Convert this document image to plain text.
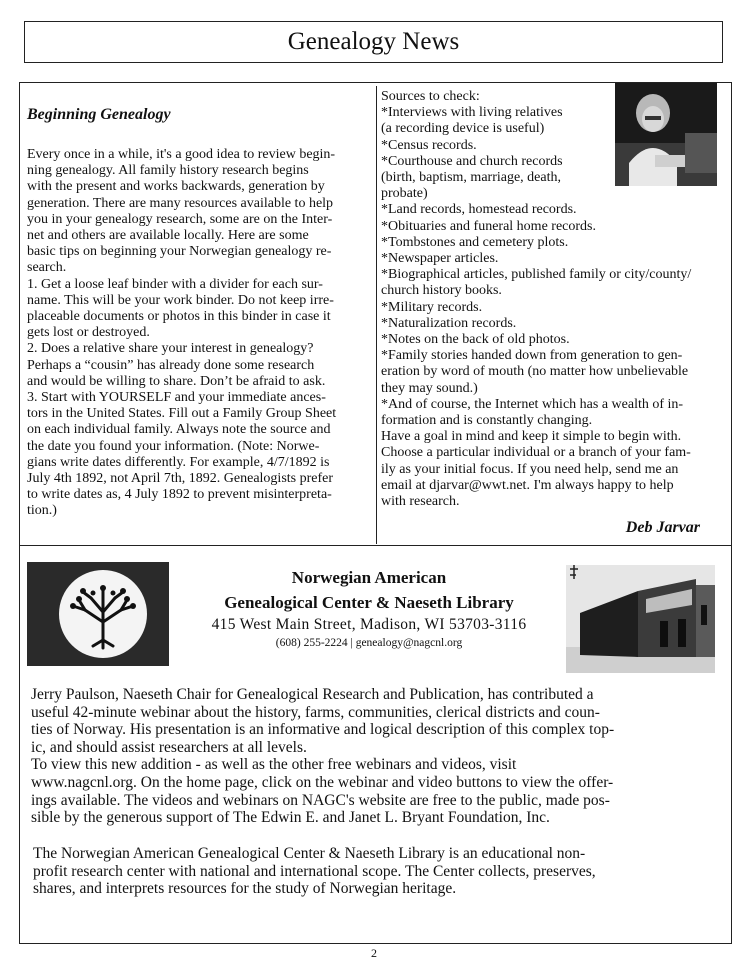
Genealogy News
Beginning Genealogy

Every once in a while, it's a good idea to review begin-

ning genealogy. All family history research begins

with the present and works backwards, generation by

generation. There are many resources available to help

you in your genealogy research, some are on the Inter-

net and others are available locally. Here are some

basic tips on beginning your Norwegian genealogy re-

search.

1. Get a loose leaf binder with a divider for each sur-

name. This will be your work binder. Do not keep irre-

placeable documents or photos in this binder in case it

gets lost or destroyed.

2. Does a relative share your interest in genealogy?

Perhaps a “cousin” has already done some research

and would be willing to share. Don’t be afraid to ask.

3. Start with YOURSELF and your immediate ances-

tors in the United States. Fill out a Family Group Sheet

on each individual family. Always note the source and

the date you found your information. (Note: Norwe-

gians write dates differently. For example, 4/7/1892 is

July 4th 1892, not April 7th, 1892. Genealogists prefer

to write dates as, 4 July 1892 to prevent misinterpreta-

tion.)

Sources to check:

*Interviews with living relatives

(a recording device is useful)

*Census records.

*Courthouse and church records

(birth, baptism, marriage, death,

probate)

*Land records, homestead records.

*Obituaries and funeral home records.

*Tombstones and cemetery plots.

*Newspaper articles.

*Biographical articles, published family or city/county/

church history books.

*Military records.

*Naturalization records.

*Notes on the back of old photos.

*Family stories handed down from generation to gen-

eration by word of mouth (no matter how unbelievable

they may sound.)

*And of course, the Internet which has a wealth of in-

formation and is constantly changing.

Have a goal in mind and keep it simple to begin with.

Choose a particular individual or a branch of your fam-

ily as your initial focus. If you need help, send me an

email at djarvar@wwt.net. I'm always happy to help

with research.

Deb Jarvar
Norwegian American
Genealogical Center & Naeseth Library
415 West Main Street, Madison, WI 53703-3116
(608) 255-2224 | genealogy@nagcnl.org

Jerry Paulson, Naeseth Chair for Genealogical Research and Publication, has contributed a

useful 42-minute webinar about the history, farms, communities, clerical districts and coun-

ties of Norway. His presentation is an informative and logical description of this complex top-

ic, and should assist researchers at all levels.

To view this new addition - as well as the other free webinars and videos, visit

www.nagcnl.org. On the home page, click on the webinar and video buttons to view the offer-

ings available. The videos and webinars on NAGC's website are free to the public, made pos-

sible by the generous support of The Edwin E. and Janet L. Bryant Foundation, Inc.

The Norwegian American Genealogical Center & Naeseth Library is an educational non-

profit research center with national and international scope. The Center collects, preserves,

shares, and interprets resources for the study of Norwegian heritage.

2
